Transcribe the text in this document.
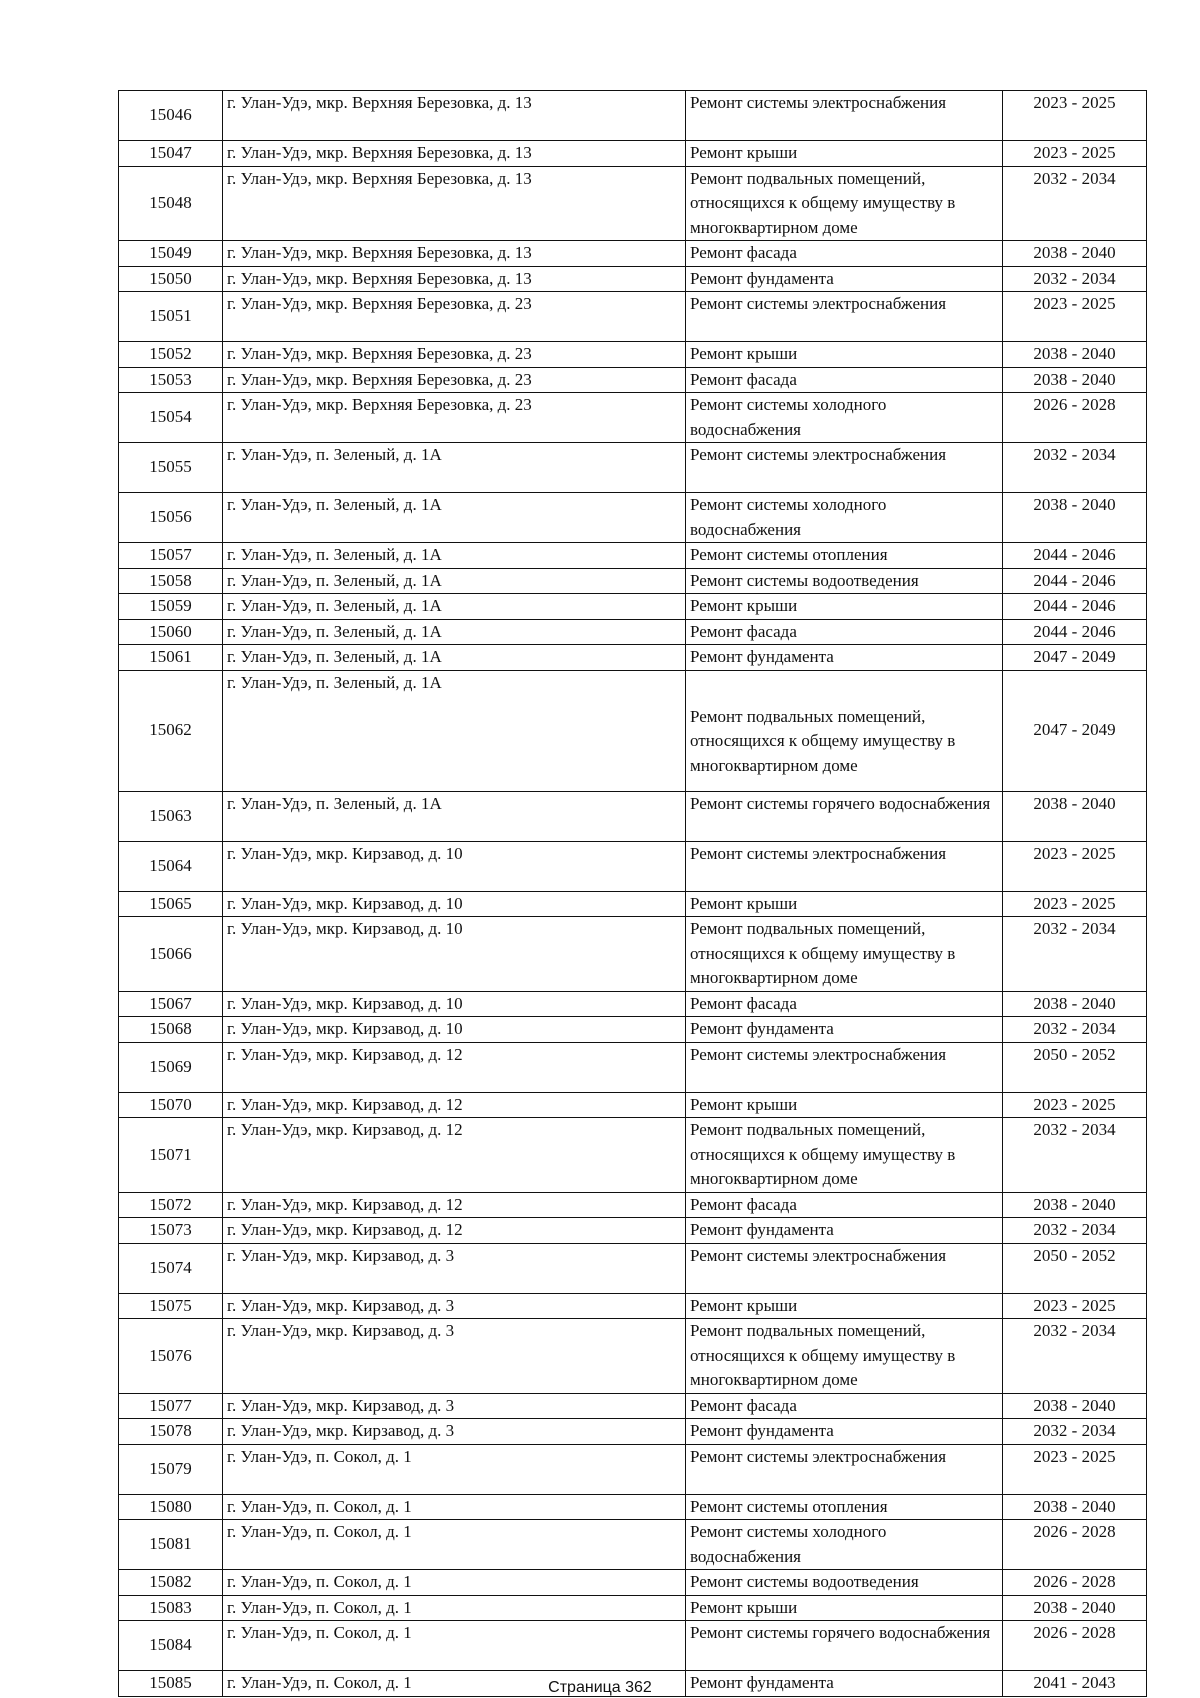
15046	г. Улан-Удэ, мкр. Верхняя Березовка, д. 13	Ремонт системы электроснабжения	2023 - 2025
15047	г. Улан-Удэ, мкр. Верхняя Березовка, д. 13	Ремонт крыши	2023 - 2025
15048	г. Улан-Удэ, мкр. Верхняя Березовка, д. 13	Ремонт подвальных помещений, относящихся к общему имуществу в многоквартирном доме	2032 - 2034
15049	г. Улан-Удэ, мкр. Верхняя Березовка, д. 13	Ремонт фасада	2038 - 2040
15050	г. Улан-Удэ, мкр. Верхняя Березовка, д. 13	Ремонт фундамента	2032 - 2034
15051	г. Улан-Удэ, мкр. Верхняя Березовка, д. 23	Ремонт системы электроснабжения	2023 - 2025
15052	г. Улан-Удэ, мкр. Верхняя Березовка, д. 23	Ремонт крыши	2038 - 2040
15053	г. Улан-Удэ, мкр. Верхняя Березовка, д. 23	Ремонт фасада	2038 - 2040
15054	г. Улан-Удэ, мкр. Верхняя Березовка, д. 23	Ремонт системы холодного водоснабжения	2026 - 2028
15055	г. Улан-Удэ, п. Зеленый, д. 1А	Ремонт системы электроснабжения	2032 - 2034
15056	г. Улан-Удэ, п. Зеленый, д. 1А	Ремонт системы холодного водоснабжения	2038 - 2040
15057	г. Улан-Удэ, п. Зеленый, д. 1А	Ремонт системы отопления	2044 - 2046
15058	г. Улан-Удэ, п. Зеленый, д. 1А	Ремонт системы водоотведения	2044 - 2046
15059	г. Улан-Удэ, п. Зеленый, д. 1А	Ремонт крыши	2044 - 2046
15060	г. Улан-Удэ, п. Зеленый, д. 1А	Ремонт фасада	2044 - 2046
15061	г. Улан-Удэ, п. Зеленый, д. 1А	Ремонт фундамента	2047 - 2049
15062	г. Улан-Удэ, п. Зеленый, д. 1А	Ремонт подвальных помещений, относящихся к общему имуществу в многоквартирном доме	2047 - 2049
15063	г. Улан-Удэ, п. Зеленый, д. 1А	Ремонт системы горячего водоснабжения	2038 - 2040
15064	г. Улан-Удэ, мкр. Кирзавод, д. 10	Ремонт системы электроснабжения	2023 - 2025
15065	г. Улан-Удэ, мкр. Кирзавод, д. 10	Ремонт крыши	2023 - 2025
15066	г. Улан-Удэ, мкр. Кирзавод, д. 10	Ремонт подвальных помещений, относящихся к общему имуществу в многоквартирном доме	2032 - 2034
15067	г. Улан-Удэ, мкр. Кирзавод, д. 10	Ремонт фасада	2038 - 2040
15068	г. Улан-Удэ, мкр. Кирзавод, д. 10	Ремонт фундамента	2032 - 2034
15069	г. Улан-Удэ, мкр. Кирзавод, д. 12	Ремонт системы электроснабжения	2050 - 2052
15070	г. Улан-Удэ, мкр. Кирзавод, д. 12	Ремонт крыши	2023 - 2025
15071	г. Улан-Удэ, мкр. Кирзавод, д. 12	Ремонт подвальных помещений, относящихся к общему имуществу в многоквартирном доме	2032 - 2034
15072	г. Улан-Удэ, мкр. Кирзавод, д. 12	Ремонт фасада	2038 - 2040
15073	г. Улан-Удэ, мкр. Кирзавод, д. 12	Ремонт фундамента	2032 - 2034
15074	г. Улан-Удэ, мкр. Кирзавод, д. 3	Ремонт системы электроснабжения	2050 - 2052
15075	г. Улан-Удэ, мкр. Кирзавод, д. 3	Ремонт крыши	2023 - 2025
15076	г. Улан-Удэ, мкр. Кирзавод, д. 3	Ремонт подвальных помещений, относящихся к общему имуществу в многоквартирном доме	2032 - 2034
15077	г. Улан-Удэ, мкр. Кирзавод, д. 3	Ремонт фасада	2038 - 2040
15078	г. Улан-Удэ, мкр. Кирзавод, д. 3	Ремонт фундамента	2032 - 2034
15079	г. Улан-Удэ, п. Сокол, д. 1	Ремонт системы электроснабжения	2023 - 2025
15080	г. Улан-Удэ, п. Сокол, д. 1	Ремонт системы отопления	2038 - 2040
15081	г. Улан-Удэ, п. Сокол, д. 1	Ремонт системы холодного водоснабжения	2026 - 2028
15082	г. Улан-Удэ, п. Сокол, д. 1	Ремонт системы водоотведения	2026 - 2028
15083	г. Улан-Удэ, п. Сокол, д. 1	Ремонт крыши	2038 - 2040
15084	г. Улан-Удэ, п. Сокол, д. 1	Ремонт системы горячего водоснабжения	2026 - 2028
15085	г. Улан-Удэ, п. Сокол, д. 1	Ремонт фундамента	2041 - 2043
Страница 362
